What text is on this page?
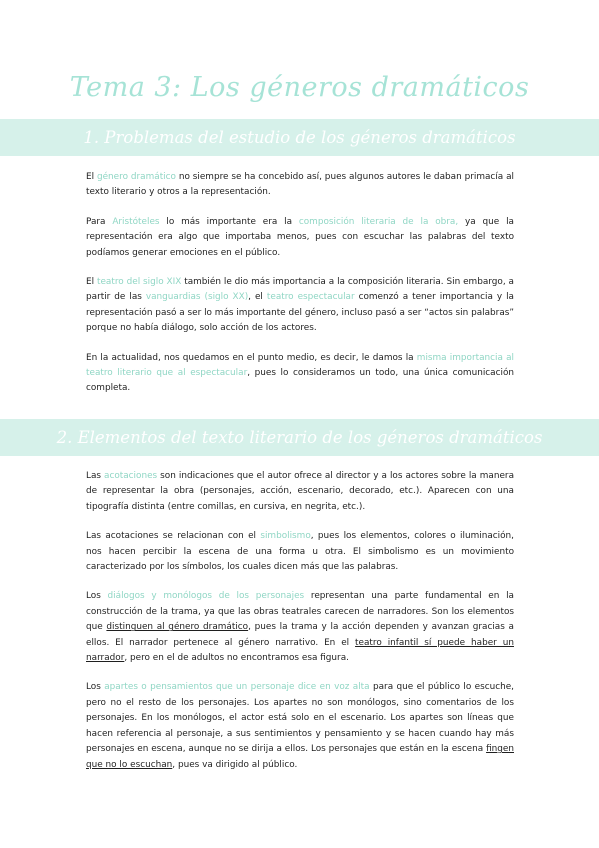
Tema 3: Los géneros dramáticos
1. Problemas del estudio de los géneros dramáticos

El género dramático no siempre se ha concebido así, pues algunos autores le daban primacía al texto literario y otros a la representación.

Para Aristóteles lo más importante era la composición literaria de la obra, ya que la representación era algo que importaba menos, pues con escuchar las palabras del texto podíamos generar emociones en el público.

El teatro del siglo XIX también le dio más importancia a la composición literaria. Sin embargo, a partir de las vanguardias (siglo XX), el teatro espectacular comenzó a tener importancia y la representación pasó a ser lo más importante del género, incluso pasó a ser “actos sin palabras” porque no había diálogo, solo acción de los actores.

En la actualidad, nos quedamos en el punto medio, es decir, le damos la misma importancia al teatro literario que al espectacular, pues lo consideramos un todo, una única comunicación completa.

2. Elementos del texto literario de los géneros dramáticos

Las acotaciones son indicaciones que el autor ofrece al director y a los actores sobre la manera de representar la obra (personajes, acción, escenario, decorado, etc.). Aparecen con una tipografía distinta (entre comillas, en cursiva, en negrita, etc.).

Las acotaciones se relacionan con el simbolismo, pues los elementos, colores o iluminación, nos hacen percibir la escena de una forma u otra. El simbolismo es un movimiento caracterizado por los símbolos, los cuales dicen más que las palabras.

Los diálogos y monólogos de los personajes representan una parte fundamental en la construcción de la trama, ya que las obras teatrales carecen de narradores. Son los elementos que distinguen al género dramático, pues la trama y la acción dependen y avanzan gracias a ellos. El narrador pertenece al género narrativo. En el teatro infantil sí puede haber un narrador, pero en el de adultos no encontramos esa figura.

Los apartes o pensamientos que un personaje dice en voz alta para que el público lo escuche, pero no el resto de los personajes. Los apartes no son monólogos, sino comentarios de los personajes. En los monólogos, el actor está solo en el escenario. Los apartes son líneas que hacen referencia al personaje, a sus sentimientos y pensamiento y se hacen cuando hay más personajes en escena, aunque no se dirija a ellos. Los personajes que están en la escena fingen que no lo escuchan, pues va dirigido al público.
